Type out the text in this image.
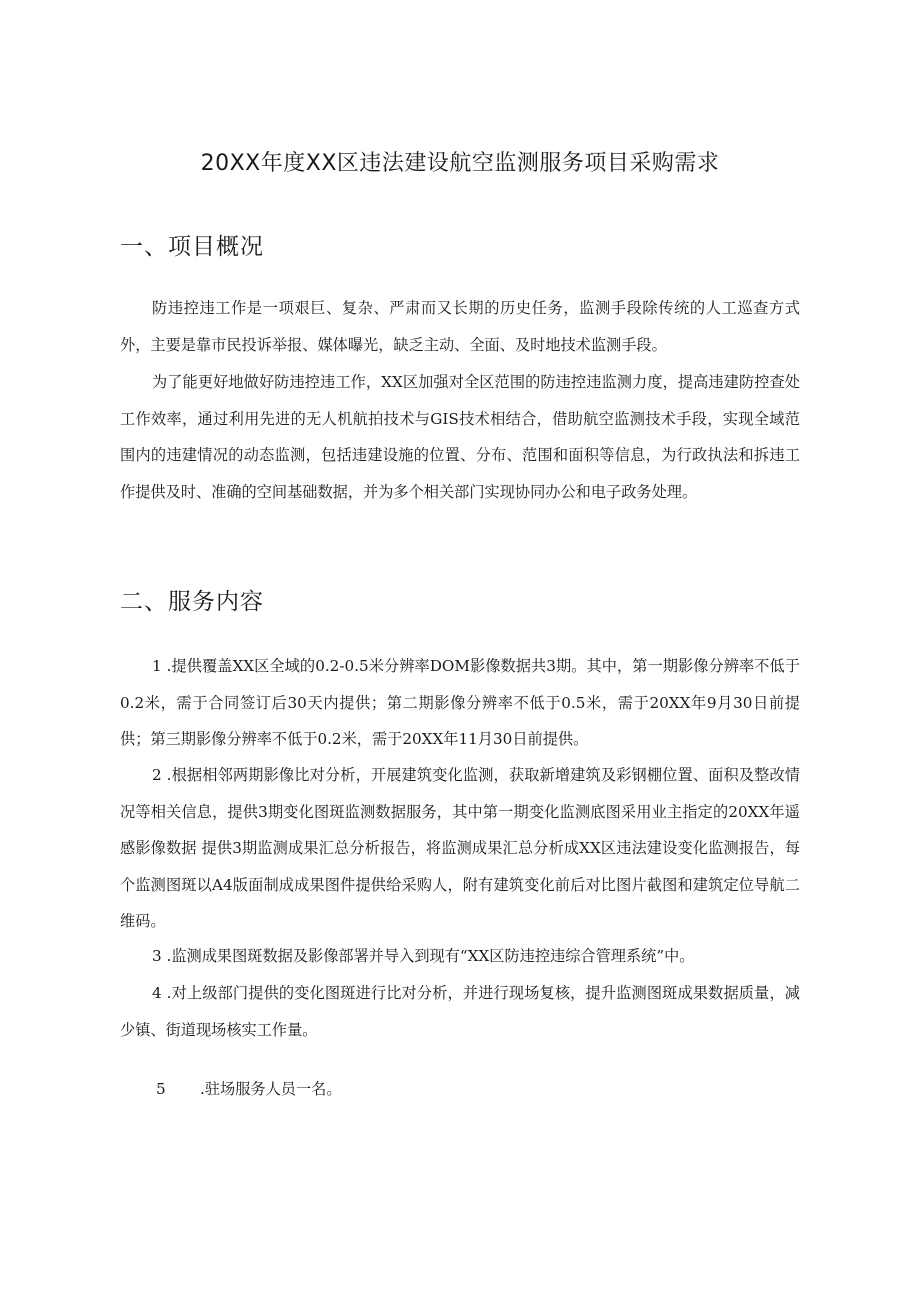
20XX年度XX区违法建设航空监测服务项目采购需求
一、项目概况

防违控违工作是一项艰巨、复杂、严肃而又长期的历史任务，监测手段除传统的人工巡查方式外，主要是靠市民投诉举报、媒体曝光，缺乏主动、全面、及时地技术监测手段。

为了能更好地做好防违控违工作，XX区加强对全区范围的防违控违监测力度，提高违建防控查处工作效率，通过利用先进的无人机航拍技术与GIS技术相结合，借助航空监测技术手段，实现全域范围内的违建情况的动态监测，包括违建设施的位置、分布、范围和面积等信息，为行政执法和拆违工作提供及时、准确的空间基础数据，并为多个相关部门实现协同办公和电子政务处理。

二、服务内容

1 .提供覆盖XX区全域的0.2-0.5米分辨率DOM影像数据共3期。其中，第一期影像分辨率不低于0.2米，需于合同签订后30天内提供；第二期影像分辨率不低于0.5米，需于20XX年9月30日前提供；第三期影像分辨率不低于0.2米，需于20XX年11月30日前提供。

2 .根据相邻两期影像比对分析，开展建筑变化监测，获取新增建筑及彩钢棚位置、面积及整改情况等相关信息，提供3期变化图斑监测数据服务，其中第一期变化监测底图采用业主指定的20XX年遥感影像数据 提供3期监测成果汇总分析报告，将监测成果汇总分析成XX区违法建设变化监测报告，每个监测图斑以A4版面制成成果图件提供给采购人，附有建筑变化前后对比图片截图和建筑定位导航二维码。

3 .监测成果图斑数据及影像部署并导入到现有“XX区防违控违综合管理系统”中。

4 .对上级部门提供的变化图斑进行比对分析，并进行现场复核，提升监测图斑成果数据质量，减少镇、街道现场核实工作量。

5 .驻场服务人员一名。
